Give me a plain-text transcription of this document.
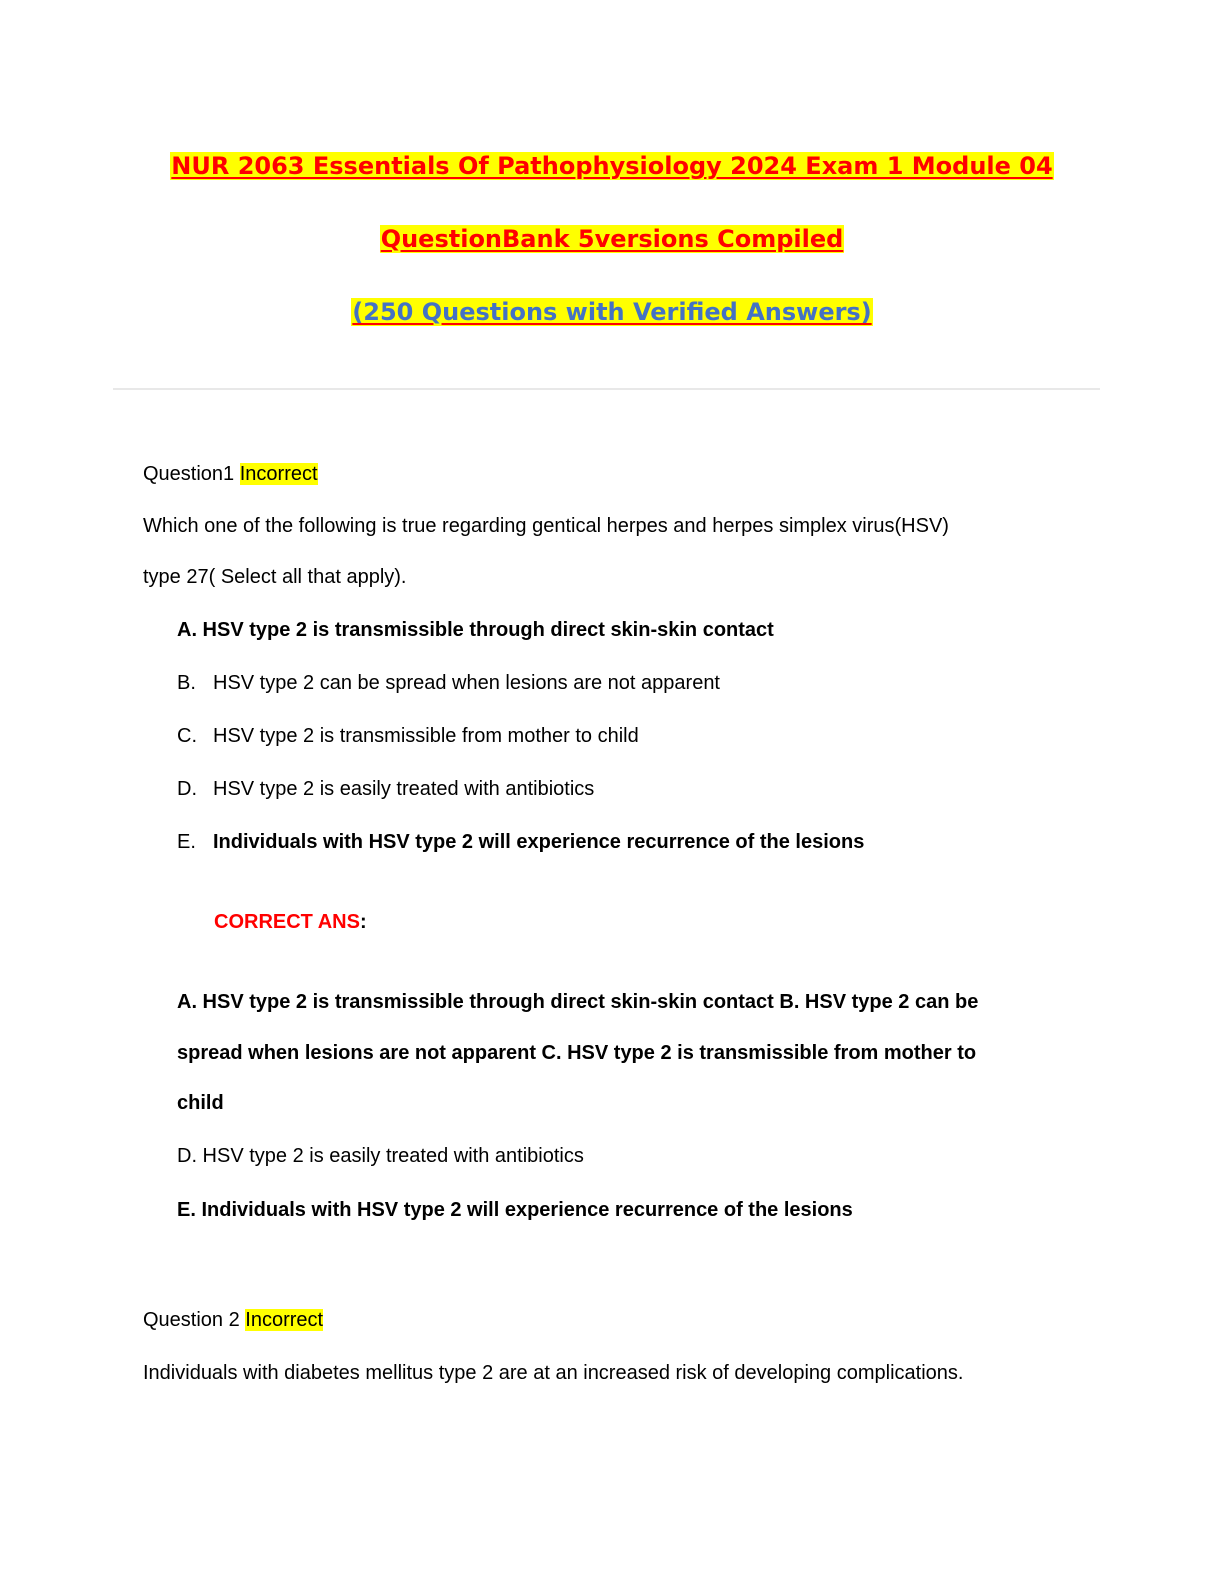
NUR 2063 Essentials Of Pathophysiology 2024 Exam 1 Module 04
QuestionBank 5versions Compiled
(250 Questions with Verified Answers)
Question1 Incorrect
Which one of the following is true regarding gentical herpes and herpes simplex virus(HSV)
type 27( Select all that apply).
A. HSV type 2 is transmissible through direct skin-skin contact
B. HSV type 2 can be spread when lesions are not apparent
C. HSV type 2 is transmissible from mother to child
D. HSV type 2 is easily treated with antibiotics
E. Individuals with HSV type 2 will experience recurrence of the lesions
CORRECT ANS:
A. HSV type 2 is transmissible through direct skin-skin contact B. HSV type 2 can be
spread when lesions are not apparent C. HSV type 2 is transmissible from mother to
child
D. HSV type 2 is easily treated with antibiotics
E. Individuals with HSV type 2 will experience recurrence of the lesions
Question 2 Incorrect
Individuals with diabetes mellitus type 2 are at an increased risk of developing complications.
